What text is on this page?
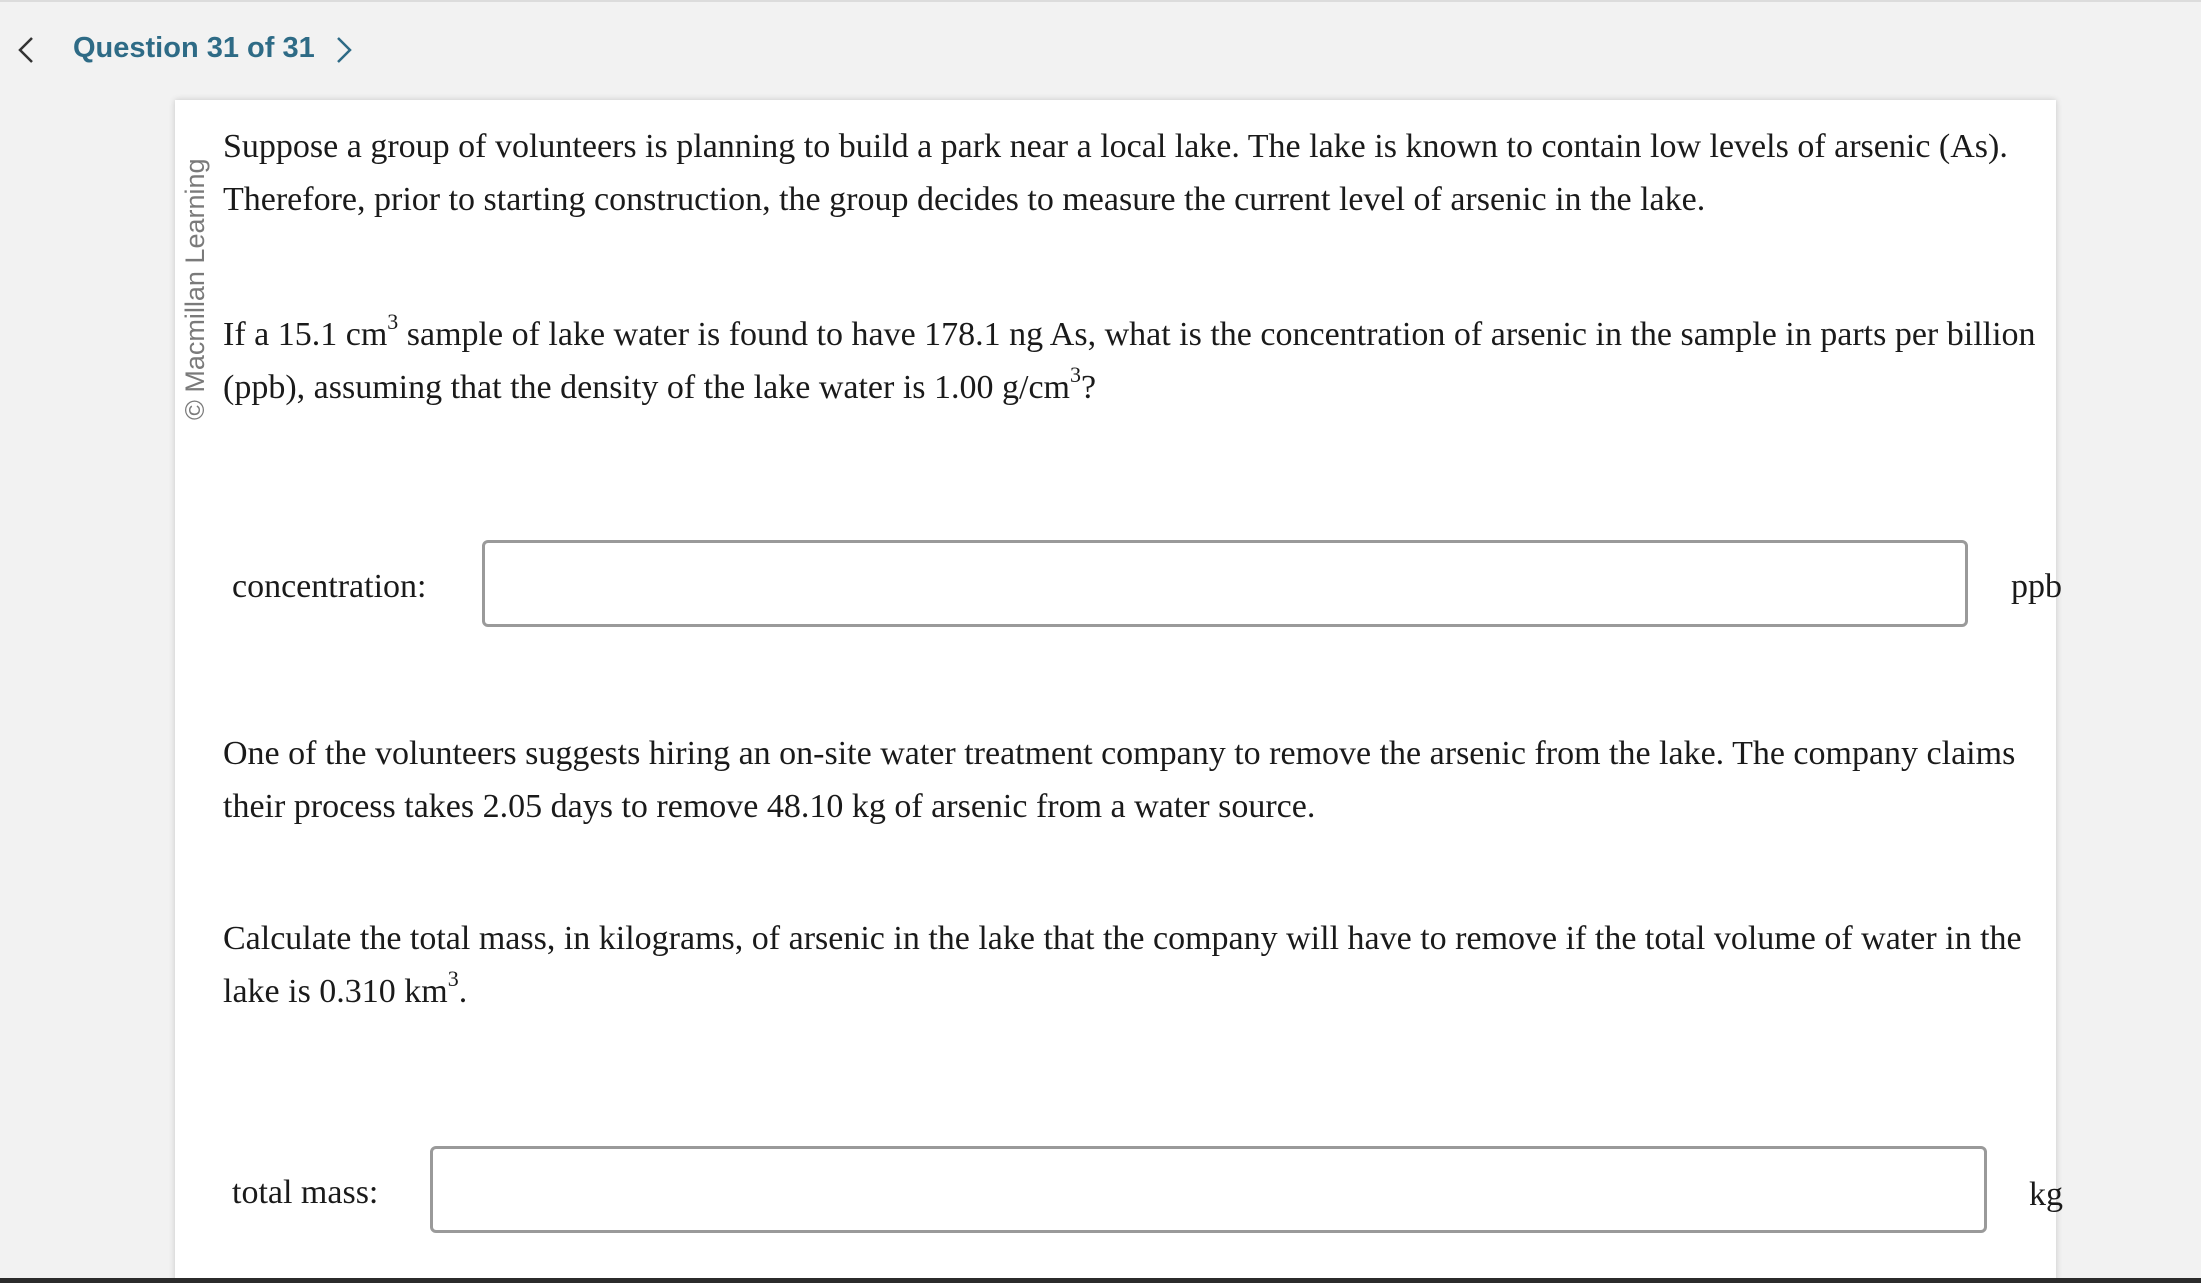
Question 31 of 31
© Macmillan Learning
Suppose a group of volunteers is planning to build a park near a local lake. The lake is known to contain low levels of arsenic (As). Therefore, prior to starting construction, the group decides to measure the current level of arsenic in the lake.
If a 15.1 $cm^3$ sample of lake water is found to have 178.1 ng As, what is the concentration of arsenic in the sample in parts per billion (ppb), assuming that the density of the lake water is 1.00 $g/cm^3$?
concentration:	ppb
One of the volunteers suggests hiring an on-site water treatment company to remove the arsenic from the lake. The company claims their process takes 2.05 days to remove 48.10 kg of arsenic from a water source.
Calculate the total mass, in kilograms, of arsenic in the lake that the company will have to remove if the total volume of water in the lake is 0.310 $km^3$.
total mass:	kg
